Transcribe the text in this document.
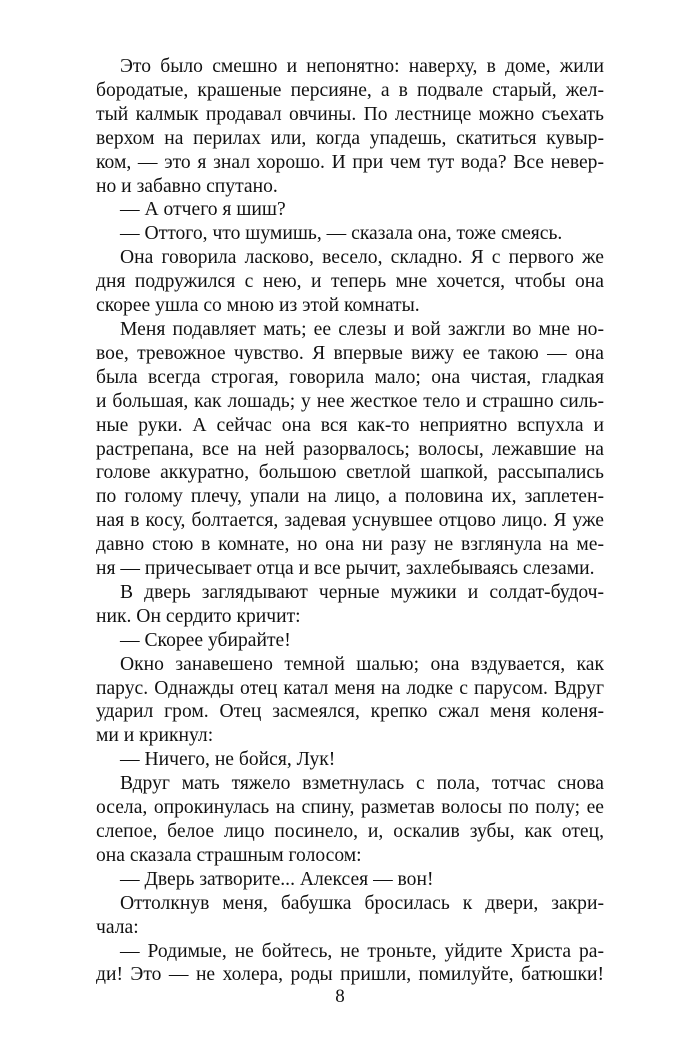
Это было смешно и непонятно: наверху, в доме, жили

бородатые, крашеные персияне, а в подвале старый, жел-

тый калмык продавал овчины. По лестнице можно съехать

верхом на перилах или, когда упадешь, скатиться кувыр-

ком, — это я знал хорошо. И при чем тут вода? Все невер-

но и забавно спутано.

— А отчего я шиш?

— Оттого, что шумишь, — сказала она, тоже смеясь.

Она говорила ласково, весело, складно. Я с первого же

дня подружился с нею, и теперь мне хочется, чтобы она

скорее ушла со мною из этой комнаты.

Меня подавляет мать; ее слезы и вой зажгли во мне но-

вое, тревожное чувство. Я впервые вижу ее такою — она

была всегда строгая, говорила мало; она чистая, гладкая

и большая, как лошадь; у нее жесткое тело и страшно силь-

ные руки. А сейчас она вся как-то неприятно вспухла и

растрепана, все на ней разорвалось; волосы, лежавшие на

голове аккуратно, большою светлой шапкой, рассыпались

по голому плечу, упали на лицо, а половина их, заплетен-

ная в косу, болтается, задевая уснувшее отцово лицо. Я уже

давно стою в комнате, но она ни разу не взглянула на ме-

ня — причесывает отца и все рычит, захлебываясь слезами.

В дверь заглядывают черные мужики и солдат-будоч-

ник. Он сердито кричит:

— Скорее убирайте!

Окно занавешено темной шалью; она вздувается, как

парус. Однажды отец катал меня на лодке с парусом. Вдруг

ударил гром. Отец засмеялся, крепко сжал меня коленя-

ми и крикнул:

— Ничего, не бойся, Лук!

Вдруг мать тяжело взметнулась с пола, тотчас снова

осела, опрокинулась на спину, разметав волосы по полу; ее

слепое, белое лицо посинело, и, оскалив зубы, как отец,

она сказала страшным голосом:

— Дверь затворите... Алексея — вон!

Оттолкнув меня, бабушка бросилась к двери, закри-

чала:

— Родимые, не бойтесь, не троньте, уйдите Христа ра-

ди! Это — не холера, роды пришли, помилуйте, батюшки!

8
